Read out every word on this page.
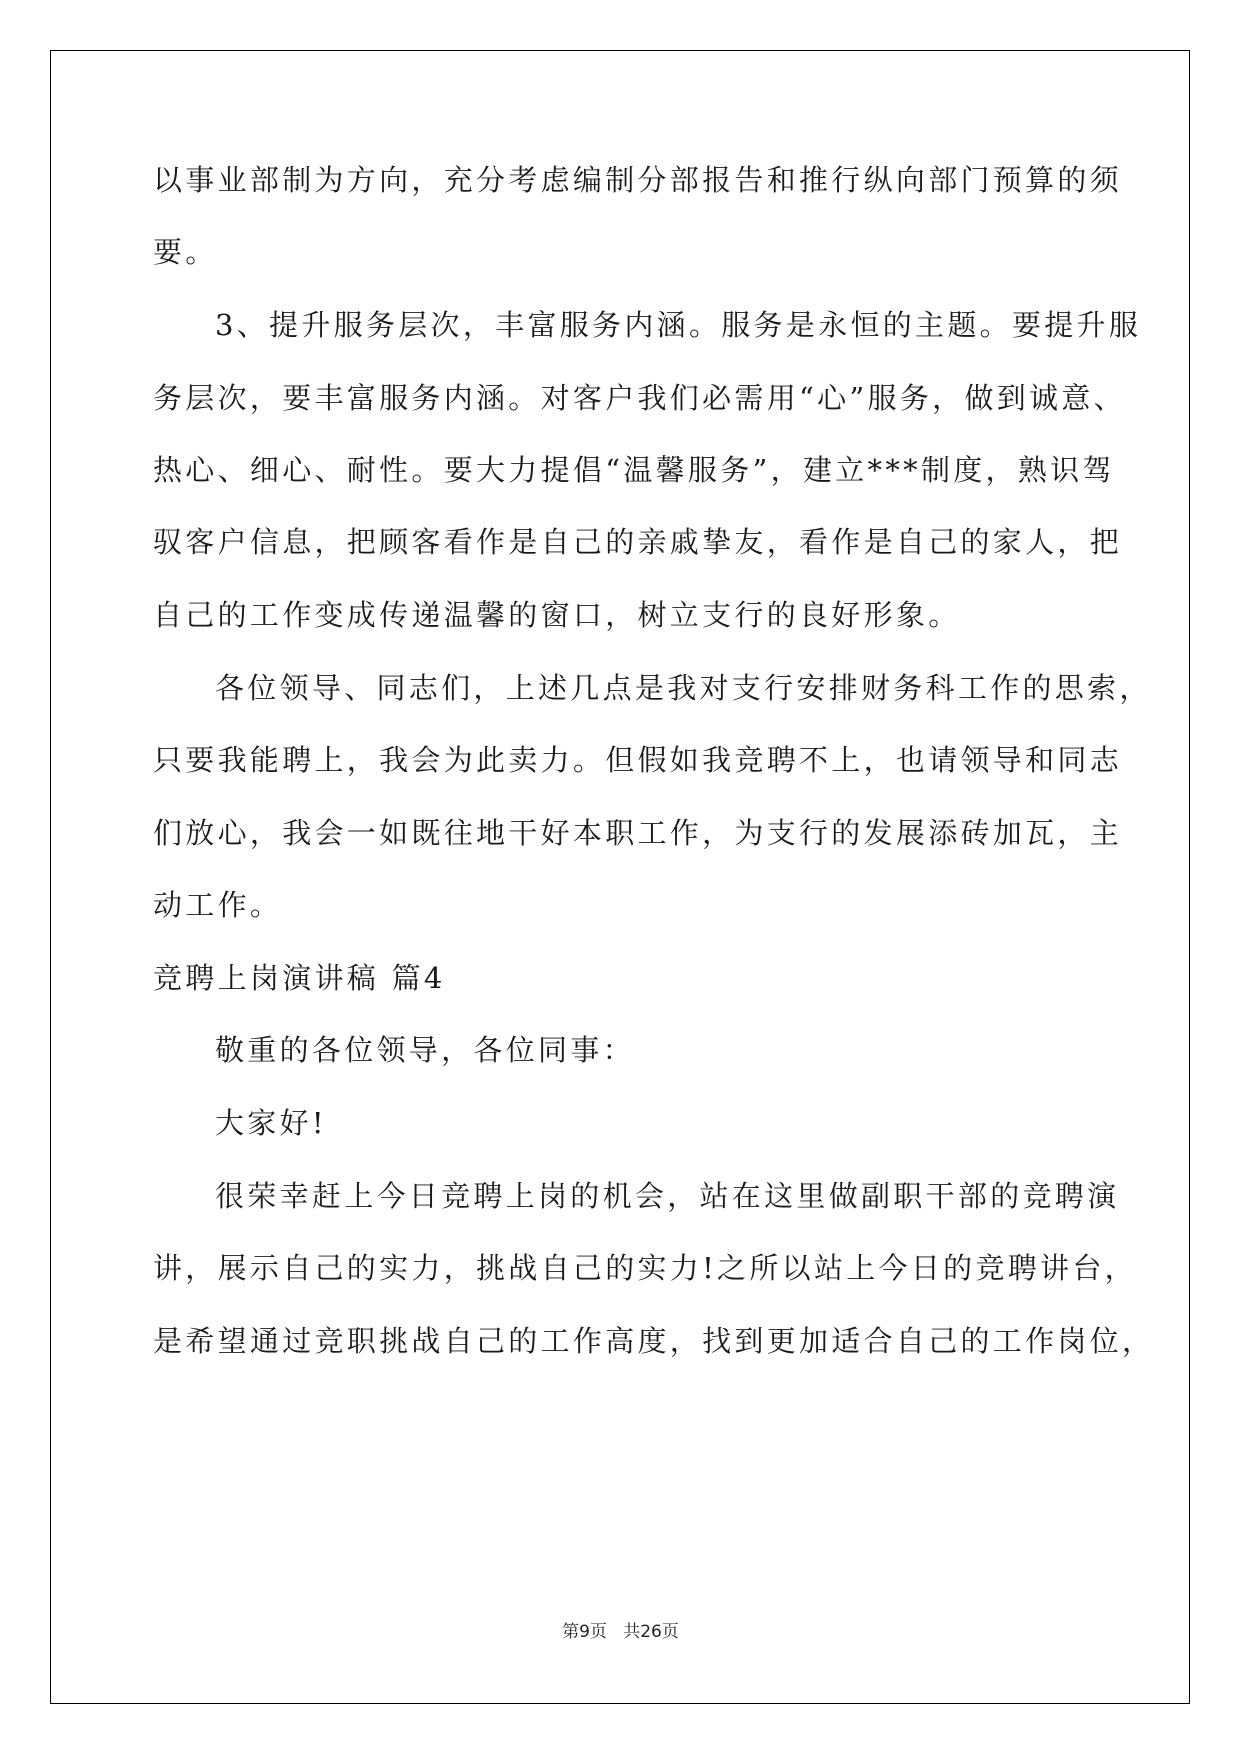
以事业部制为方向，充分考虑编制分部报告和推行纵向部门预算的须
要。
3、提升服务层次，丰富服务内涵。服务是永恒的主题。要提升服
务层次，要丰富服务内涵。对客户我们必需用“心”服务，做到诚意、
热心、细心、耐性。要大力提倡“温馨服务”，建立***制度，熟识驾
驭客户信息，把顾客看作是自己的亲戚挚友，看作是自己的家人，把
自己的工作变成传递温馨的窗口，树立支行的良好形象。
各位领导、同志们，上述几点是我对支行安排财务科工作的思索，
只要我能聘上，我会为此卖力。但假如我竞聘不上，也请领导和同志
们放心，我会一如既往地干好本职工作，为支行的发展添砖加瓦，主
动工作。
竞聘上岗演讲稿 篇4
敬重的各位领导，各位同事：
大家好!
很荣幸赶上今日竞聘上岗的机会，站在这里做副职干部的竞聘演
讲，展示自己的实力，挑战自己的实力!之所以站上今日的竞聘讲台，
是希望通过竞职挑战自己的工作高度，找到更加适合自己的工作岗位，
第9页 共26页
